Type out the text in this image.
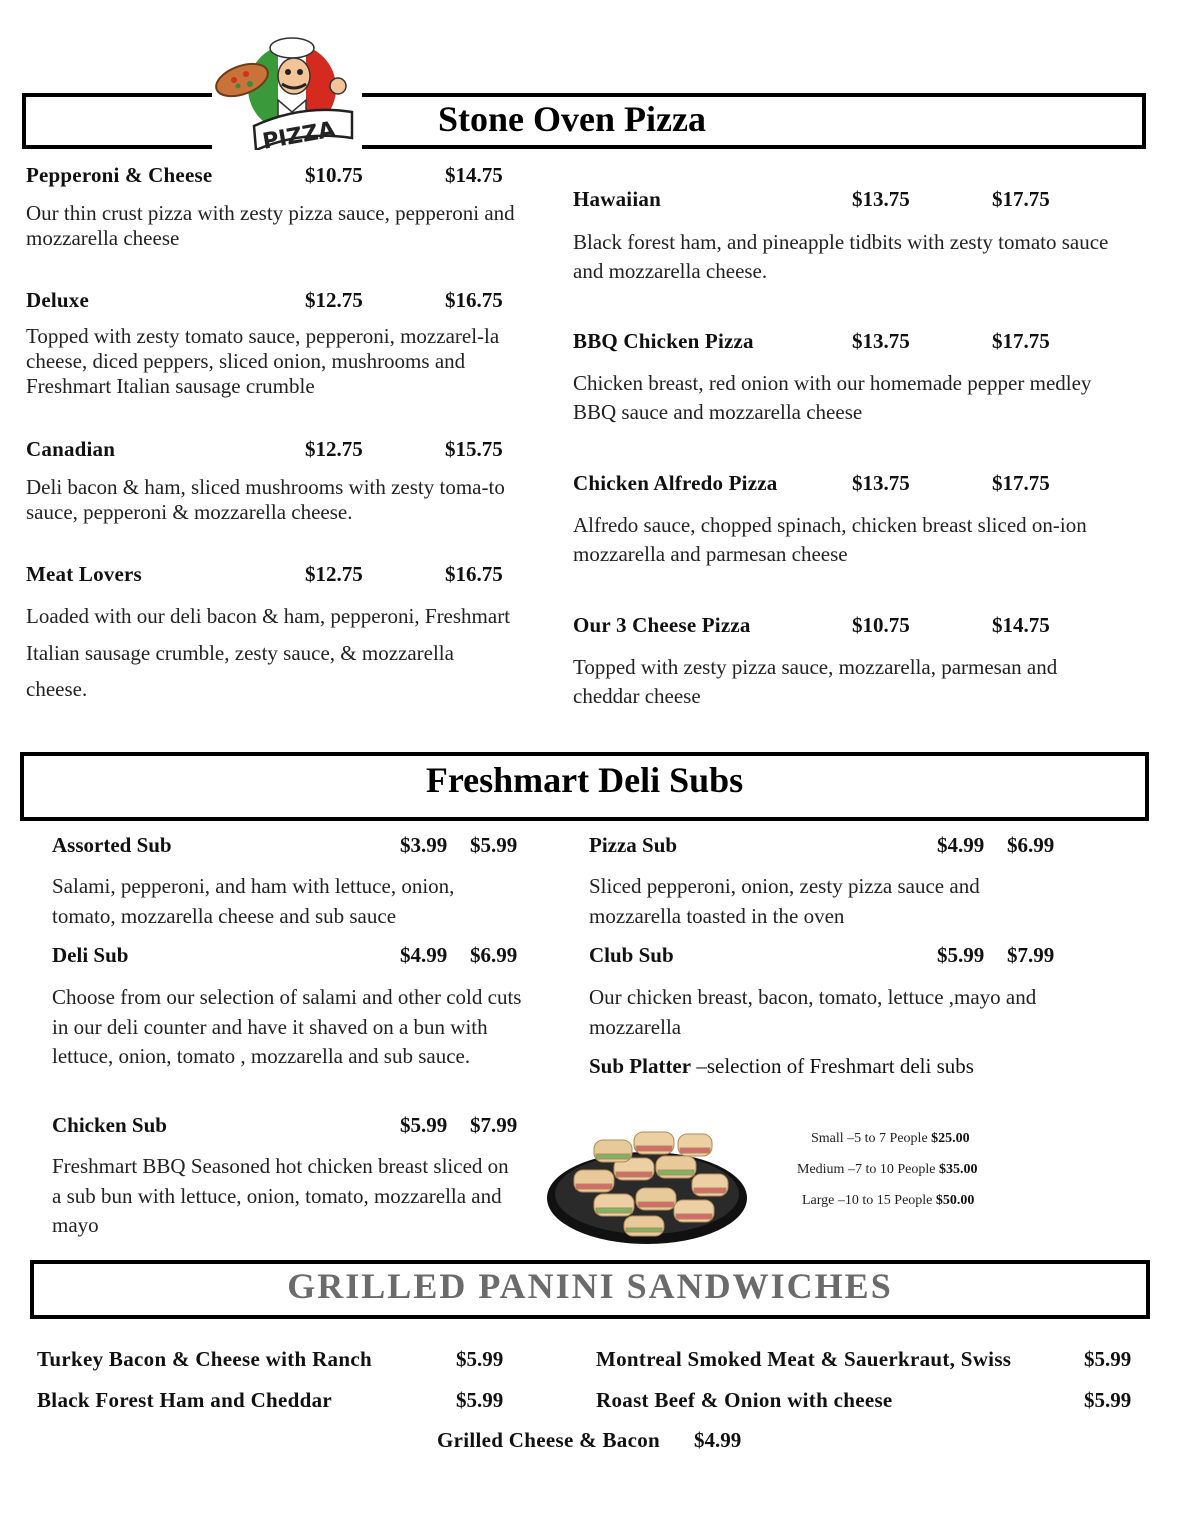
PIZZA	Stone Oven Pizza
Pepperoni & Cheese	$10.75	$14.75
Our thin crust pizza with zesty pizza sauce, pepperoni and mozzarella cheese
Deluxe	$12.75	$16.75
Topped with zesty tomato sauce, pepperoni, mozzarel-la cheese, diced peppers, sliced onion, mushrooms and Freshmart Italian sausage crumble
Canadian	$12.75	$15.75
Deli bacon & ham, sliced mushrooms with zesty toma-to sauce, pepperoni & mozzarella cheese.
Meat Lovers	$12.75	$16.75
Loaded with our deli bacon & ham, pepperoni, Freshmart Italian sausage crumble, zesty sauce, & mozzarella cheese.
Hawaiian	$13.75	$17.75
Black forest ham, and pineapple tidbits with zesty tomato sauce and mozzarella cheese.
BBQ Chicken Pizza	$13.75	$17.75
Chicken breast, red onion with our homemade pepper medley BBQ sauce and mozzarella cheese
Chicken Alfredo Pizza	$13.75	$17.75
Alfredo sauce, chopped spinach, chicken breast sliced on-ion mozzarella and parmesan cheese
Our 3 Cheese Pizza	$10.75	$14.75
Topped with zesty pizza sauce, mozzarella, parmesan and cheddar cheese
Freshmart Deli Subs
Assorted Sub	$3.99 $5.99
Salami, pepperoni, and ham with lettuce, onion, tomato, mozzarella cheese and sub sauce
Deli Sub	$4.99 $6.99
Choose from our selection of salami and other cold cuts in our deli counter and have it shaved on a bun with lettuce, onion, tomato , mozzarella and sub sauce.
Chicken Sub	$5.99 $7.99
Freshmart BBQ Seasoned hot chicken breast sliced on a sub bun with lettuce, onion, tomato, mozzarella and mayo
Pizza Sub	$4.99 $6.99
Sliced pepperoni, onion, zesty pizza sauce and mozzarella toasted in the oven
Club Sub	$5.99 $7.99
Our chicken breast, bacon, tomato, lettuce ,mayo and mozzarella
Sub Platter –selection of Freshmart deli subs
Small –5 to 7 People $25.00
Medium –7 to 10 People $35.00
Large –10 to 15 People $50.00
GRILLED PANINI SANDWICHES
Turkey Bacon & Cheese with Ranch	$5.99
Black Forest Ham and Cheddar	$5.99
Montreal Smoked Meat & Sauerkraut, Swiss	$5.99
Roast Beef & Onion with cheese	$5.99
Grilled Cheese & Bacon $4.99
